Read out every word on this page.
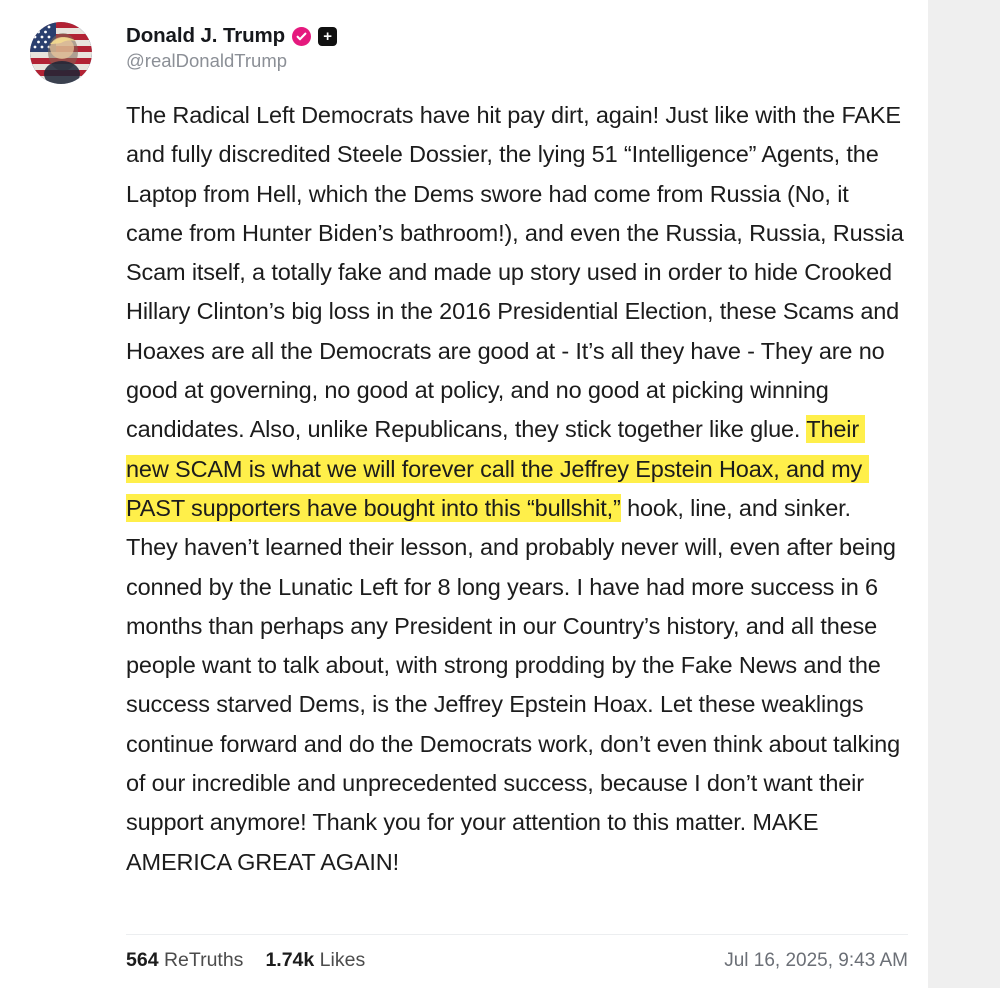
Donald J. Trump	+
@realDonaldTrump
The Radical Left Democrats have hit pay dirt, again! Just like with the FAKE and fully discredited Steele Dossier, the lying 51 “Intelligence” Agents, the Laptop from Hell, which the Dems swore had come from Russia (No, it came from Hunter Biden’s bathroom!), and even the Russia, Russia, Russia Scam itself, a totally fake and made up story used in order to hide Crooked Hillary Clinton’s big loss in the 2016 Presidential Election, these Scams and Hoaxes are all the Democrats are good at - It’s all they have - They are no good at governing, no good at policy, and no good at picking winning candidates. Also, unlike Republicans, they stick together like glue. Their new SCAM is what we will forever call the Jeffrey Epstein Hoax, and my PAST supporters have bought into this “bullshit,” hook, line, and sinker. They haven’t learned their lesson, and probably never will, even after being conned by the Lunatic Left for 8 long years. I have had more success in 6 months than perhaps any President in our Country’s history, and all these people want to talk about, with strong prodding by the Fake News and the success starved Dems, is the Jeffrey Epstein Hoax. Let these weaklings continue forward and do the Democrats work, don’t even think about talking of our incredible and unprecedented success, because I don’t want their support anymore! Thank you for your attention to this matter. MAKE AMERICA GREAT AGAIN!
564 ReTruths 1.74k Likes	Jul 16, 2025, 9:43 AM
